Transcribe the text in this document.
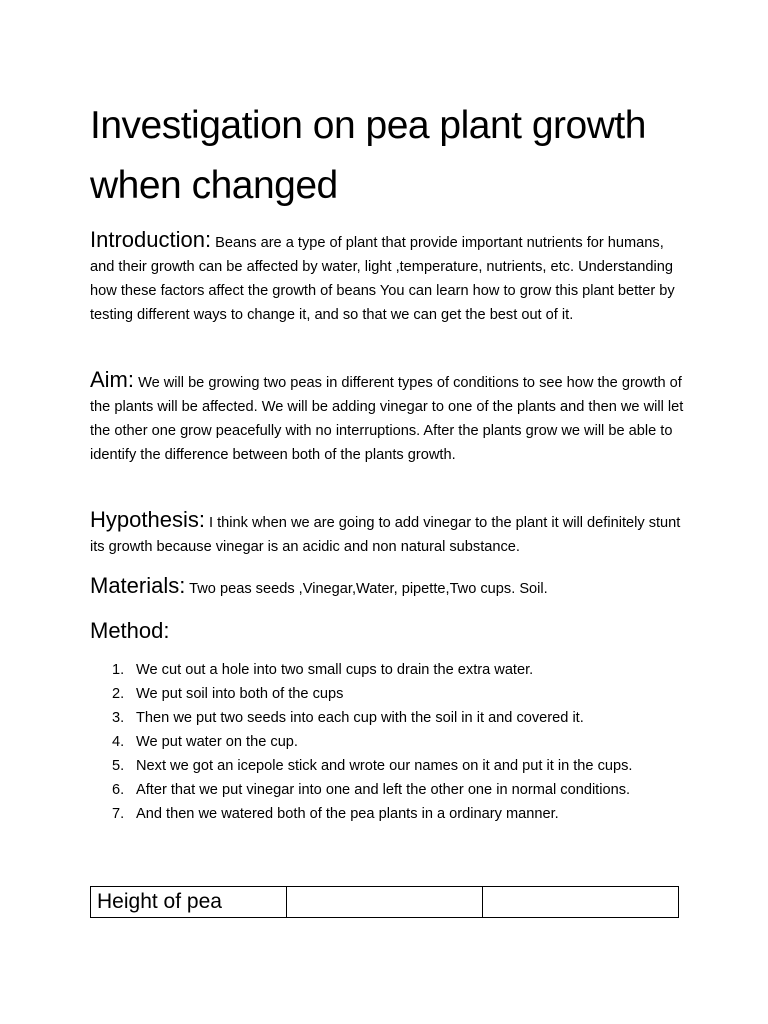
Investigation on pea plant growth when changed
Introduction: Beans are a type of plant that provide important nutrients for humans, and their growth can be affected by water, light ,temperature, nutrients, etc. Understanding how these factors affect the growth of beans You can learn how to grow this plant better by testing different ways to change it, and so that we can get the best out of it.
Aim: We will be growing two peas in different types of conditions to see how the growth of the plants will be affected. We will be adding vinegar to one of the plants and then we will let the other one grow peacefully with no interruptions. After the plants grow we will be able to identify the difference between both of the plants growth.
Hypothesis: I think when we are going to add vinegar to the plant it will definitely stunt its growth because vinegar is an acidic and non natural substance.
Materials: Two peas seeds ,Vinegar,Water, pipette,Two cups. Soil.
Method:
1. We cut out a hole into two small cups to drain the extra water.
2. We put soil into both of the cups
3. Then we put two seeds into each cup with the soil in it and covered it.
4. We put water on the cup.
5. Next we got an icepole stick and wrote our names on it and put it in the cups.
6. After that we put vinegar into one and left the other one in normal conditions.
7. And then we watered both of the pea plants in a ordinary manner.
Height of pea		
